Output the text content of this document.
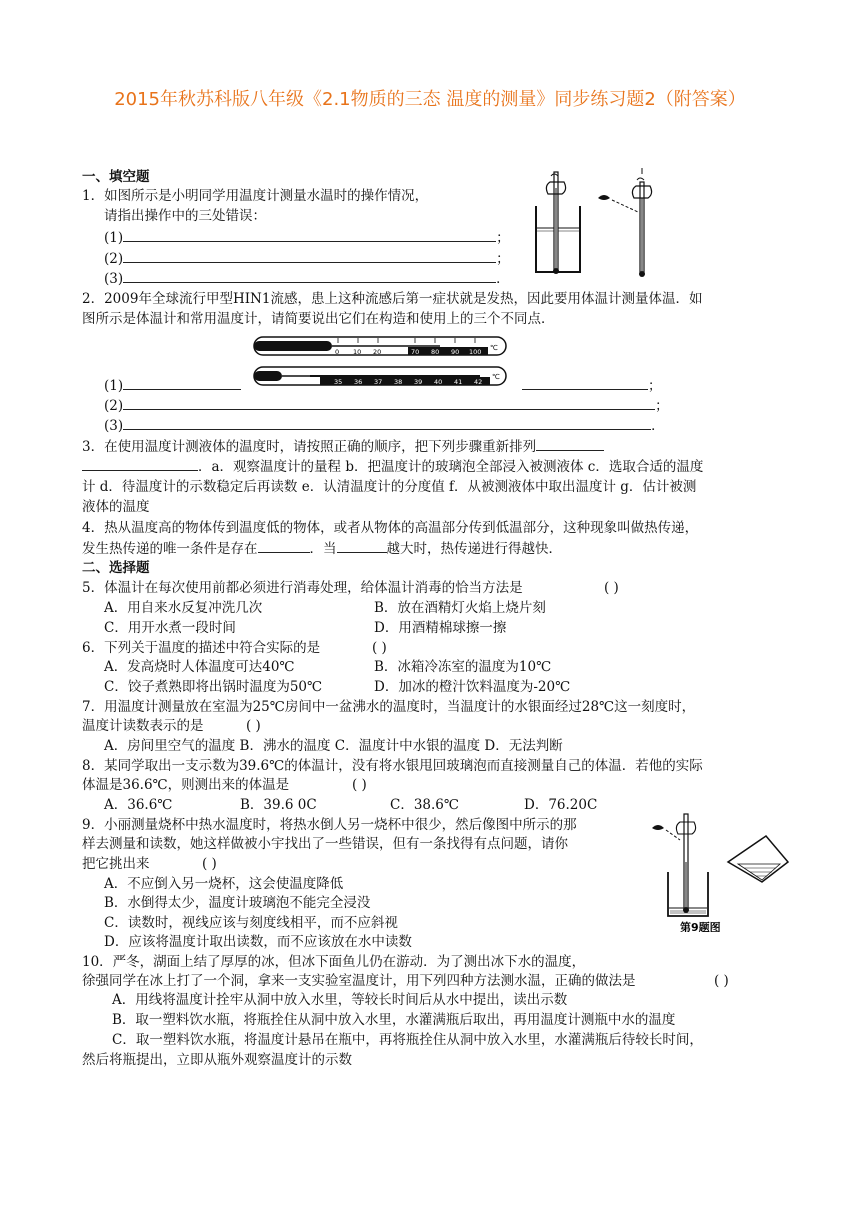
2015年秋苏科版八年级《2.1物质的三态 温度的测量》同步练习题2（附答案）
一、填空题
1．如图所示是小明同学用温度计测量水温时的操作情况，
请指出操作中的三处错误：
(1)	；
(2)	；
(3)	．
2．2009年全球流行甲型HIN1流感，患上这种流感后第一症状就是发热，因此要用体温计测量体温．如
图所示是体温计和常用温度计，请简要说出它们在构造和使用上的三个不同点．
0 10 20	70 80 90 100 ℃
35 36 37 38 39 40 41 42
℃
(1)	；
(2)	；
(3)	．
3．在使用温度计测液体的温度时，请按照正确的顺序，把下列步骤重新排列
．a．观察温度计的量程 b．把温度计的玻璃泡全部浸入被测液体 c．选取合适的温度
计 d．待温度计的示数稳定后再读数 e．认清温度计的分度值 f．从被测液体中取出温度计 g．估计被测
液体的温度
4．热从温度高的物体传到温度低的物体，或者从物体的高温部分传到低温部分，这种现象叫做热传递，
发生热传递的唯一条件是存在	．当	越大时，热传递进行得越快．
二、选择题
5．体温计在每次使用前都必须进行消毒处理，给体温计消毒的恰当方法是	( )
A．用自来水反复冲洗几次	B．放在酒精灯火焰上烧片刻
C．用开水煮一段时间	D．用酒精棉球擦一擦
6．下列关于温度的描述中符合实际的是	( )
A．发高烧时人体温度可达40℃	B．冰箱冷冻室的温度为10℃
C．饺子煮熟即将出锅时温度为50℃	D．加冰的橙汁饮料温度为-20℃
7．用温度计测量放在室温为25℃房间中一盆沸水的温度时，当温度计的水银面经过28℃这一刻度时，
温度计读数表示的是	( )
A．房间里空气的温度 B．沸水的温度 C．温度计中水银的温度 D．无法判断
8．某同学取出一支示数为39.6℃的体温计，没有将水银甩回玻璃泡而直接测量自己的体温．若他的实际
体温是36.6℃，则测出来的体温是	( )
A．36.6℃	B．39.6 0C	C．38.6℃	D．76.20C
9．小丽测量烧杯中热水温度时，将热水倒人另一烧杯中很少，然后像图中所示的那
样去测量和读数，她这样做被小宇找出了一些错误，但有一条找得有点问题，请你
把它挑出来	( )
A．不应倒入另一烧杯，这会使温度降低
B．水倒得太少，温度计玻璃泡不能完全浸没
C．读数时，视线应该与刻度线相平，而不应斜视
D．应该将温度计取出读数，而不应该放在水中读数
第9题图
10．严冬，湖面上结了厚厚的冰，但冰下面鱼儿仍在游动．为了测出冰下水的温度，
徐强同学在冰上打了一个洞，拿来一支实验室温度计，用下列四种方法测水温，正确的做法是	( )
A．用线将温度计拴牢从洞中放入水里，等较长时间后从水中提出，读出示数
B．取一塑料饮水瓶，将瓶拴住从洞中放入水里，水灌满瓶后取出，再用温度计测瓶中水的温度
C．取一塑料饮水瓶，将温度计悬吊在瓶中，再将瓶拴住从洞中放入水里，水灌满瓶后待较长时间，
然后将瓶提出，立即从瓶外观察温度计的示数
